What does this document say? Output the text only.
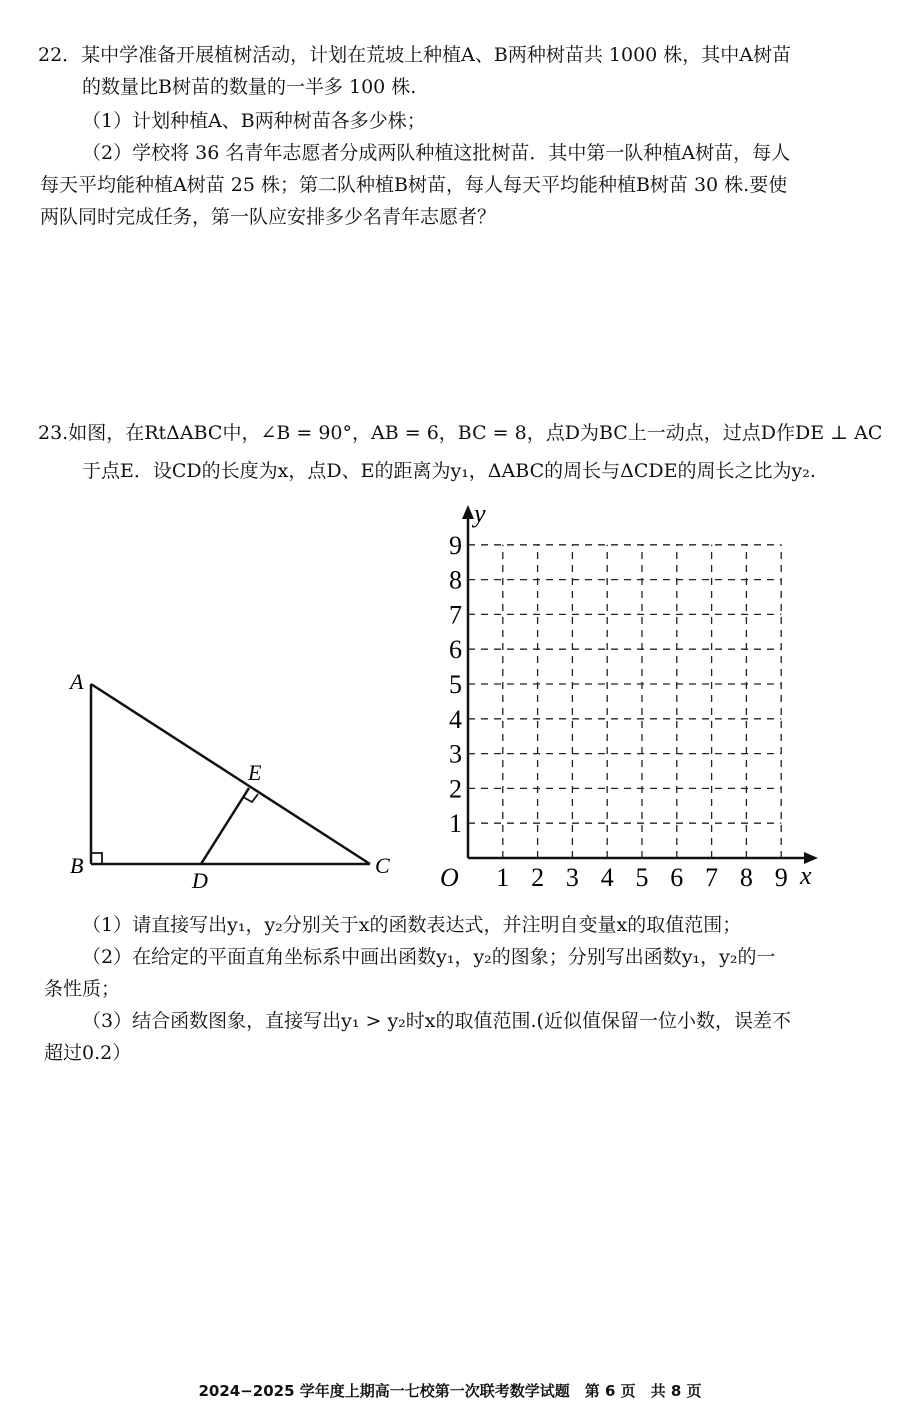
22．某中学准备开展植树活动，计划在荒坡上种植A、B两种树苗共 1000 株，其中A树苗
的数量比B树苗的数量的一半多 100 株.
（1）计划种植A、B两种树苗各多少株；
（2）学校将 36 名青年志愿者分成两队种植这批树苗．其中第一队种植A树苗，每人
每天平均能种植A树苗 25 株；第二队种植B树苗，每人每天平均能种植B树苗 30 株.要使
两队同时完成任务，第一队应安排多少名青年志愿者？
23.如图，在RtΔABC中，∠B = 90°，AB = 6，BC = 8，点D为BC上一动点，过点D作DE ⊥ AC
于点E．设CD的长度为x，点D、E的距离为y₁，ΔABC的周长与ΔCDE的周长之比为y₂.
A
B	C
D
E
y
x
O 1 2 3 4 5 6 7 8 9
1
2
3
4
5
6
7
8
9
（1）请直接写出y₁，y₂分别关于x的函数表达式，并注明自变量x的取值范围；
（2）在给定的平面直角坐标系中画出函数y₁，y₂的图象；分别写出函数y₁，y₂的一
条性质；
（3）结合函数图象，直接写出y₁ > y₂时x的取值范围.(近似值保留一位小数，误差不
超过0.2）
2024−2025 学年度上期高一七校第一次联考数学试题　第 6 页　共 8 页
